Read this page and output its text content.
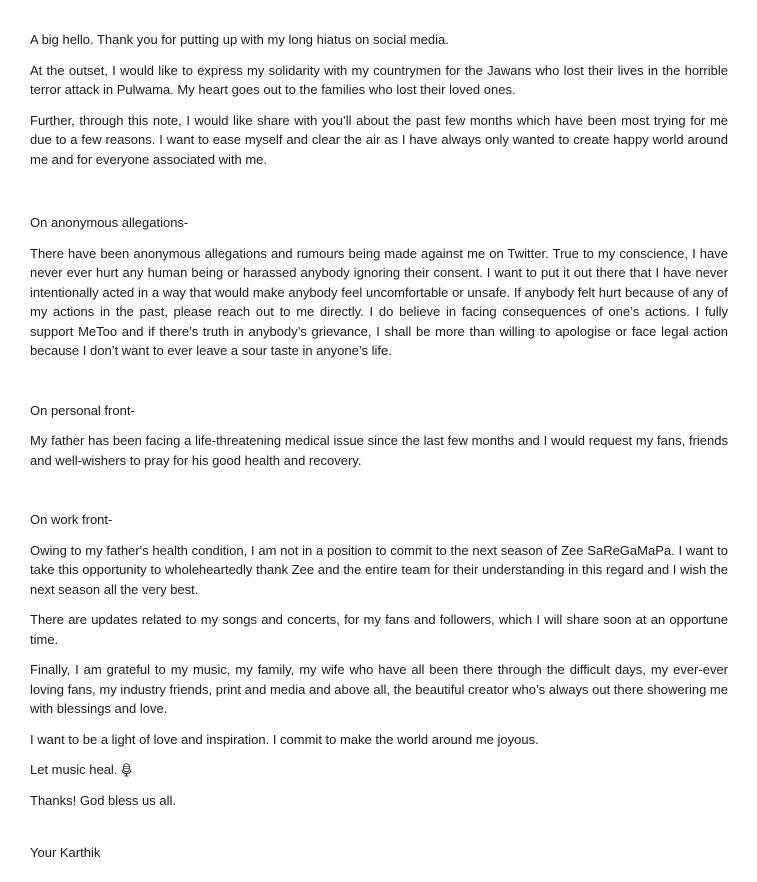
A big hello. Thank you for putting up with my long hiatus on social media.

At the outset, I would like to express my solidarity with my countrymen for the Jawans who lost their lives in the horrible terror attack in Pulwama. My heart goes out to the families who lost their loved ones.

Further, through this note, I would like share with you’ll about the past few months which have been most trying for me due to a few reasons. I want to ease myself and clear the air as I have always only wanted to create happy world around me and for everyone associated with me.

On anonymous allegations-

There have been anonymous allegations and rumours being made against me on Twitter. True to my conscience, I have never ever hurt any human being or harassed anybody ignoring their consent. I want to put it out there that I have never intentionally acted in a way that would make anybody feel uncomfortable or unsafe. If anybody felt hurt because of any of my actions in the past, please reach out to me directly. I do believe in facing consequences of one’s actions. I fully support MeToo and if there’s truth in anybody’s grievance, I shall be more than willing to apologise or face legal action because I don’t want to ever leave a sour taste in anyone’s life.

On personal front-

My father has been facing a life-threatening medical issue since the last few months and I would request my fans, friends and well-wishers to pray for his good health and recovery.

On work front-

Owing to my father's health condition, I am not in a position to commit to the next season of Zee SaReGaMaPa. I want to take this opportunity to wholeheartedly thank Zee and the entire team for their understanding in this regard and I wish the next season all the very best.

There are updates related to my songs and concerts, for my fans and followers, which I will share soon at an opportune time.

Finally, I am grateful to my music, my family, my wife who have all been there through the difficult days, my ever-ever loving fans, my industry friends, print and media and above all, the beautiful creator who’s always out there showering me with blessings and love.

I want to be a light of love and inspiration. I commit to make the world around me joyous.

Let music heal.

Thanks! God bless us all.

Your Karthik
